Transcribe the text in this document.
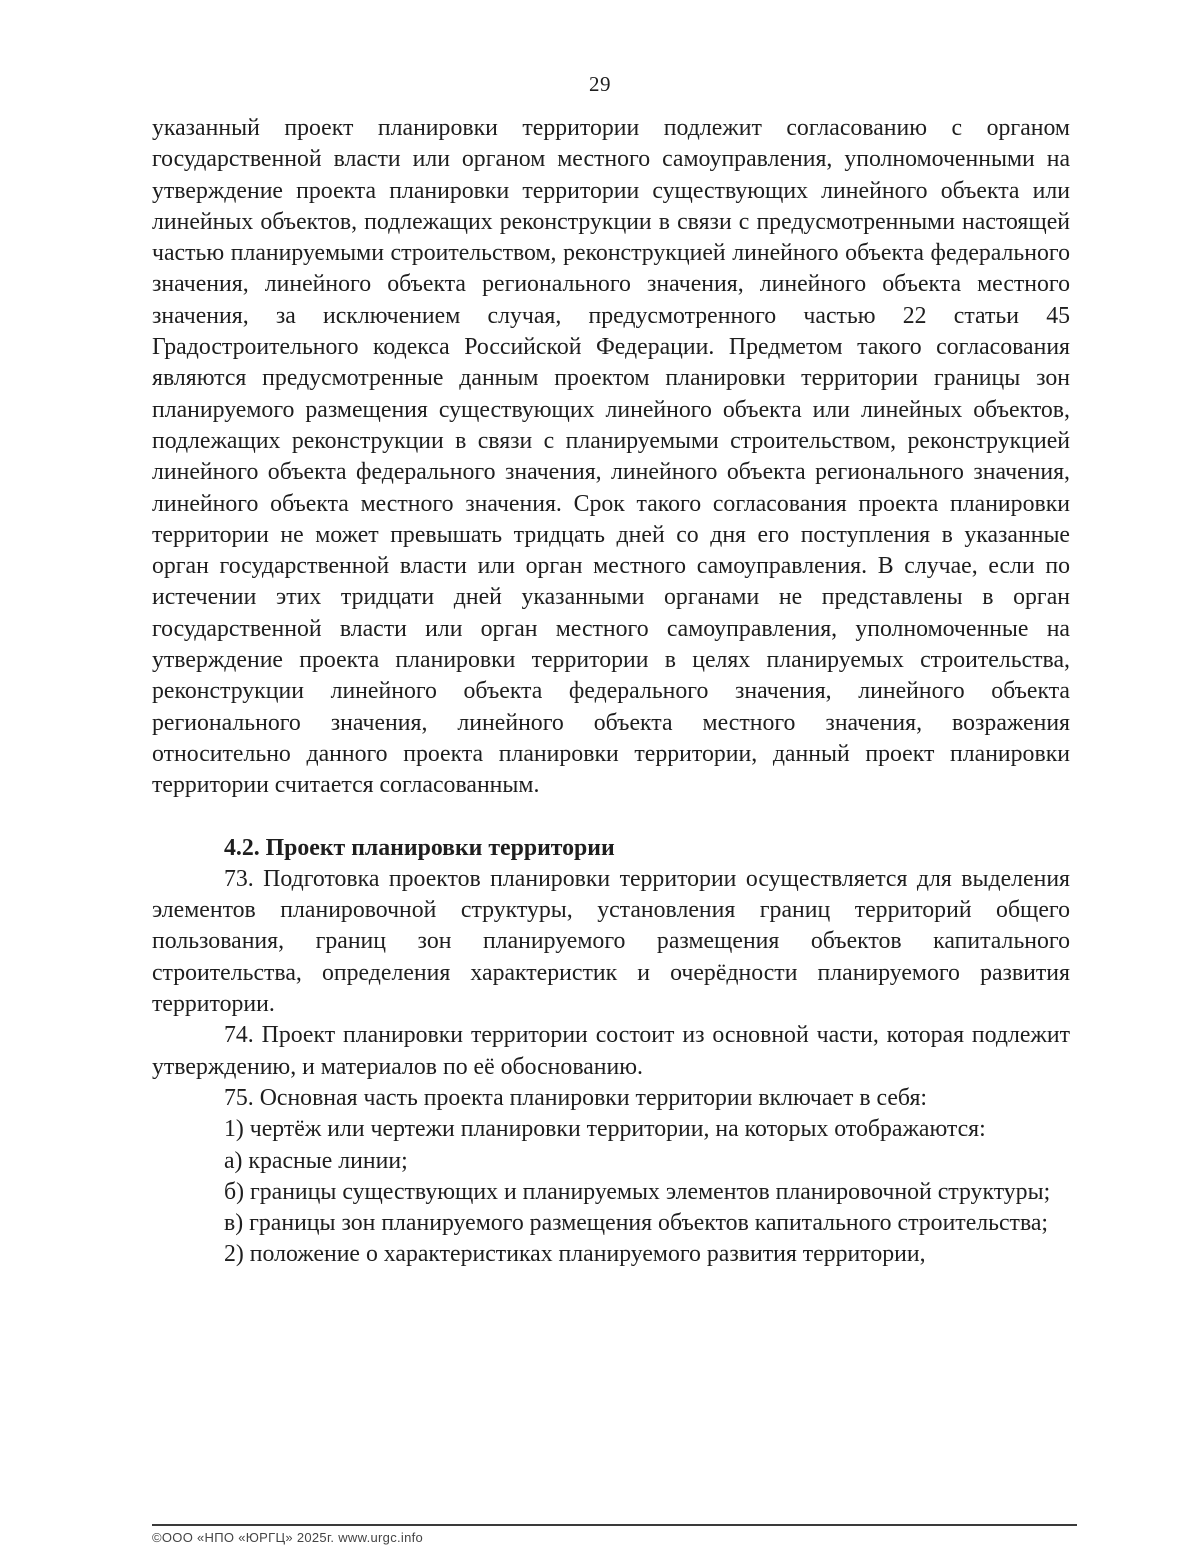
29

указанный проект планировки территории подлежит согласованию с органом государственной власти или органом местного самоуправления, уполномоченными на утверждение проекта планировки территории существующих линейного объекта или линейных объектов, подлежащих реконструкции в связи с предусмотренными настоящей частью планируемыми строительством, реконструкцией линейного объекта федерального значения, линейного объекта регионального значения, линейного объекта местного значения, за исключением случая, предусмотренного частью 22 статьи 45 Градостроительного кодекса Российской Федерации. Предметом такого согласования являются предусмотренные данным проектом планировки территории границы зон планируемого размещения существующих линейного объекта или линейных объектов, подлежащих реконструкции в связи с планируемыми строительством, реконструкцией линейного объекта федерального значения, линейного объекта регионального значения, линейного объекта местного значения. Срок такого согласования проекта планировки территории не может превышать тридцать дней со дня его поступления в указанные орган государственной власти или орган местного самоуправления. В случае, если по истечении этих тридцати дней указанными органами не представлены в орган государственной власти или орган местного самоуправления, уполномоченные на утверждение проекта планировки территории в целях планируемых строительства, реконструкции линейного объекта федерального значения, линейного объекта регионального значения, линейного объекта местного значения, возражения относительно данного проекта планировки территории, данный проект планировки территории считается согласованным.

4.2. Проект планировки территории

73. Подготовка проектов планировки территории осуществляется для выделения элементов планировочной структуры, установления границ территорий общего пользования, границ зон планируемого размещения объектов капитального строительства, определения характеристик и очерёдности планируемого развития территории.

74. Проект планировки территории состоит из основной части, которая подлежит утверждению, и материалов по её обоснованию.

75. Основная часть проекта планировки территории включает в себя:

1) чертёж или чертежи планировки территории, на которых отображаются:

а) красные линии;

б) границы существующих и планируемых элементов планировочной структуры;

в) границы зон планируемого размещения объектов капитального строительства;

2) положение о характеристиках планируемого развития территории,

©ООО «НПО «ЮРГЦ» 2025г. www.urgc.info
